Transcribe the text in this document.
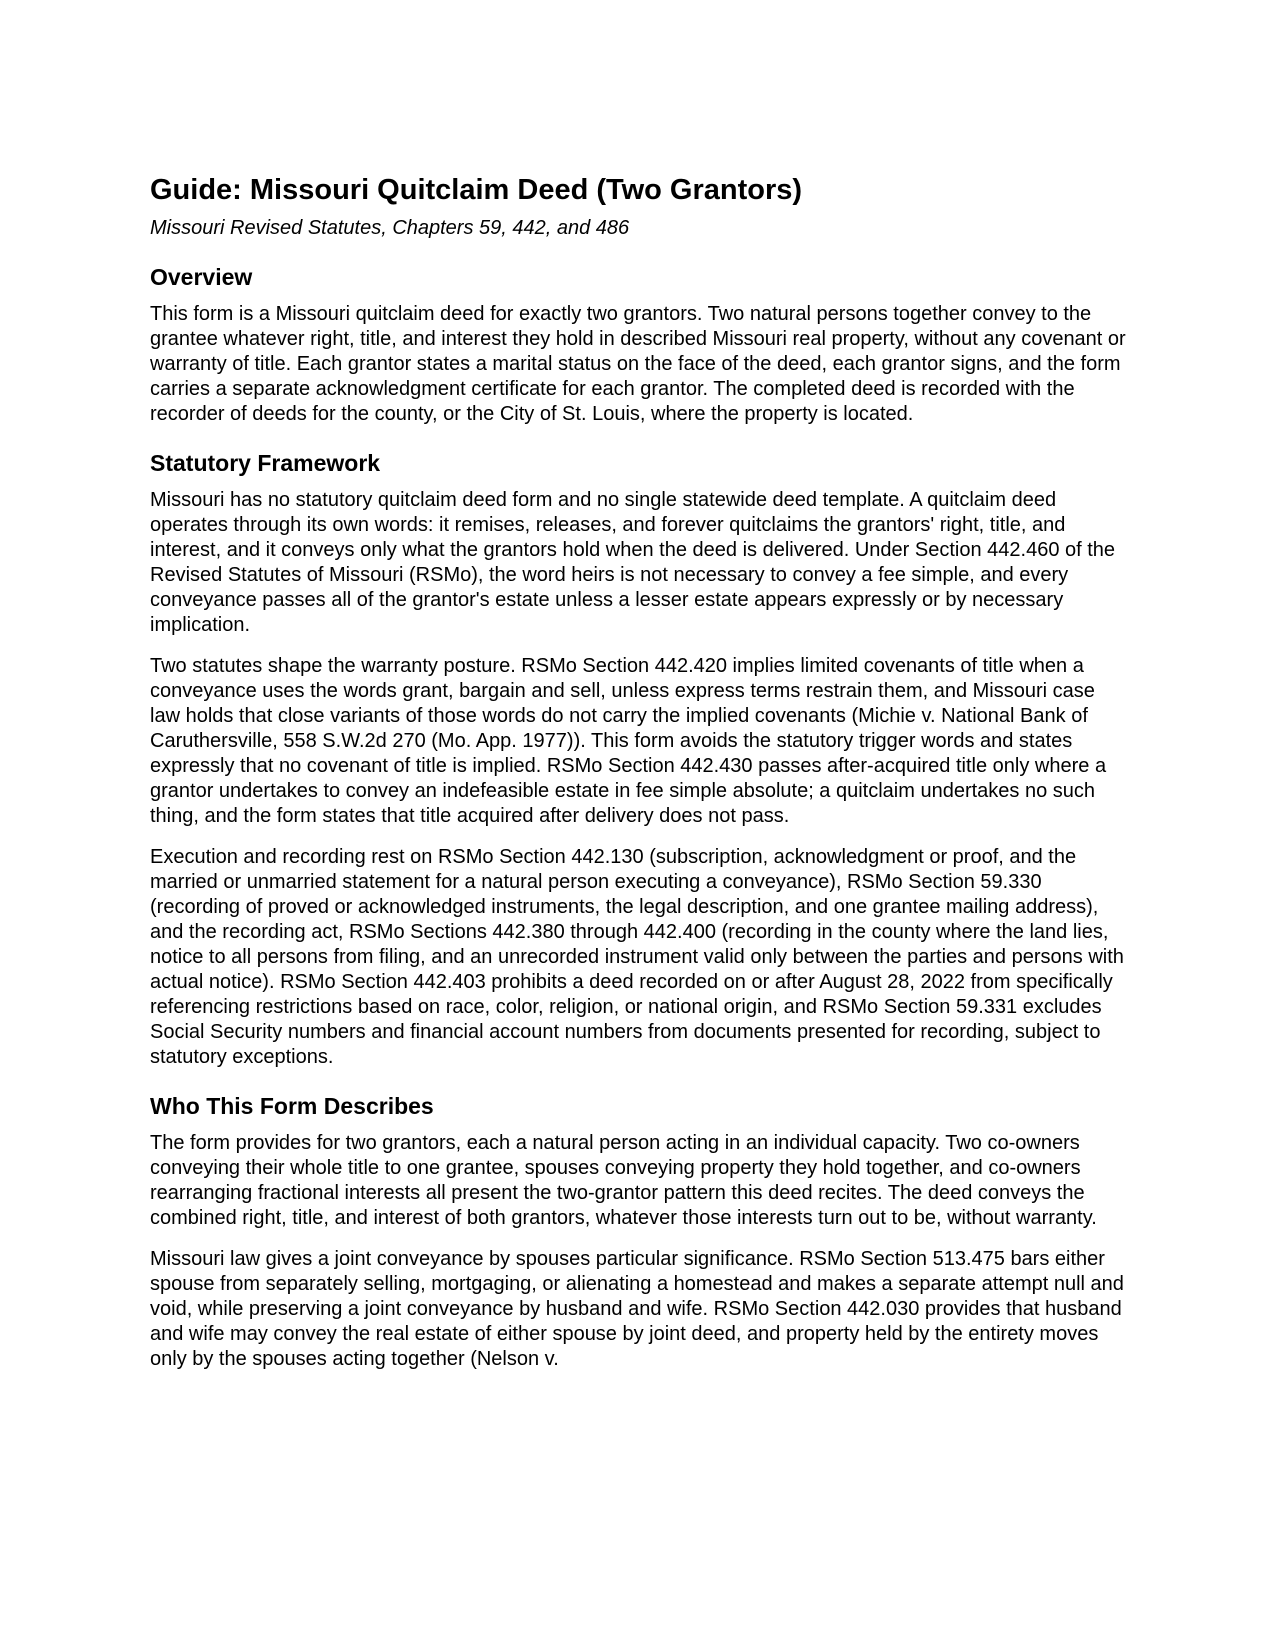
Guide: Missouri Quitclaim Deed (Two Grantors)
Missouri Revised Statutes, Chapters 59, 442, and 486
Overview

This form is a Missouri quitclaim deed for exactly two grantors. Two natural persons together convey to the grantee whatever right, title, and interest they hold in described Missouri real property, without any covenant or warranty of title. Each grantor states a marital status on the face of the deed, each grantor signs, and the form carries a separate acknowledgment certificate for each grantor. The completed deed is recorded with the recorder of deeds for the county, or the City of St. Louis, where the property is located.

Statutory Framework

Missouri has no statutory quitclaim deed form and no single statewide deed template. A quitclaim deed operates through its own words: it remises, releases, and forever quitclaims the grantors' right, title, and interest, and it conveys only what the grantors hold when the deed is delivered. Under Section 442.460 of the Revised Statutes of Missouri (RSMo), the word heirs is not necessary to convey a fee simple, and every conveyance passes all of the grantor's estate unless a lesser estate appears expressly or by necessary implication.

Two statutes shape the warranty posture. RSMo Section 442.420 implies limited covenants of title when a conveyance uses the words grant, bargain and sell, unless express terms restrain them, and Missouri case law holds that close variants of those words do not carry the implied covenants (Michie v. National Bank of Caruthersville, 558 S.W.2d 270 (Mo. App. 1977)). This form avoids the statutory trigger words and states expressly that no covenant of title is implied. RSMo Section 442.430 passes after-acquired title only where a grantor undertakes to convey an indefeasible estate in fee simple absolute; a quitclaim undertakes no such thing, and the form states that title acquired after delivery does not pass.

Execution and recording rest on RSMo Section 442.130 (subscription, acknowledgment or proof, and the married or unmarried statement for a natural person executing a conveyance), RSMo Section 59.330 (recording of proved or acknowledged instruments, the legal description, and one grantee mailing address), and the recording act, RSMo Sections 442.380 through 442.400 (recording in the county where the land lies, notice to all persons from filing, and an unrecorded instrument valid only between the parties and persons with actual notice). RSMo Section 442.403 prohibits a deed recorded on or after August 28, 2022 from specifically referencing restrictions based on race, color, religion, or national origin, and RSMo Section 59.331 excludes Social Security numbers and financial account numbers from documents presented for recording, subject to statutory exceptions.

Who This Form Describes

The form provides for two grantors, each a natural person acting in an individual capacity. Two co-owners conveying their whole title to one grantee, spouses conveying property they hold together, and co-owners rearranging fractional interests all present the two-grantor pattern this deed recites. The deed conveys the combined right, title, and interest of both grantors, whatever those interests turn out to be, without warranty.

Missouri law gives a joint conveyance by spouses particular significance. RSMo Section 513.475 bars either spouse from separately selling, mortgaging, or alienating a homestead and makes a separate attempt null and void, while preserving a joint conveyance by husband and wife. RSMo Section 442.030 provides that husband and wife may convey the real estate of either spouse by joint deed, and property held by the entirety moves only by the spouses acting together (Nelson v.
